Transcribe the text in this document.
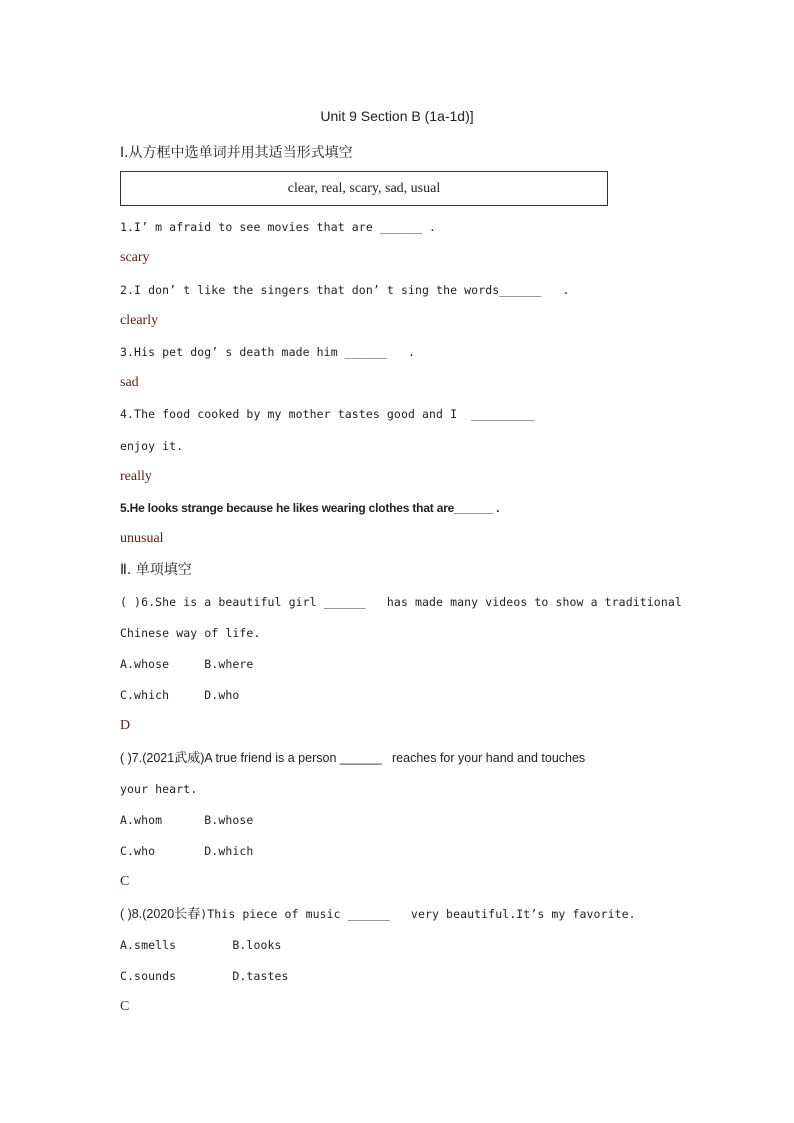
Unit 9 Section B (1a-1d)]
Ⅰ.从方框中选单词并用其适当形式填空
clear, real, scary, sad, usual
1.I’ m afraid to see movies that are ______ .
scary
2.I don’ t like the singers that don’ t sing the words______   .
clearly
3.His pet dog’ s death made him ______   .
sad
4.The food cooked by my mother tastes good and I  _________
enjoy it.
really
5.He looks strange because he likes wearing clothes that are______ .
unusual
Ⅱ. 单项填空
( )6.She is a beautiful girl ______   has made many videos to show a traditional
Chinese way of life.
A.whose     B.where
C.which     D.who
D
( )7.(2021武威)A true friend is a person ______   reaches for your hand and touches
your heart.
A.whom      B.whose
C.who       D.which
C
( )8.(2020长春)This piece of music ______   very beautiful.It’s my favorite.
A.smells        B.looks
C.sounds        D.tastes
C
